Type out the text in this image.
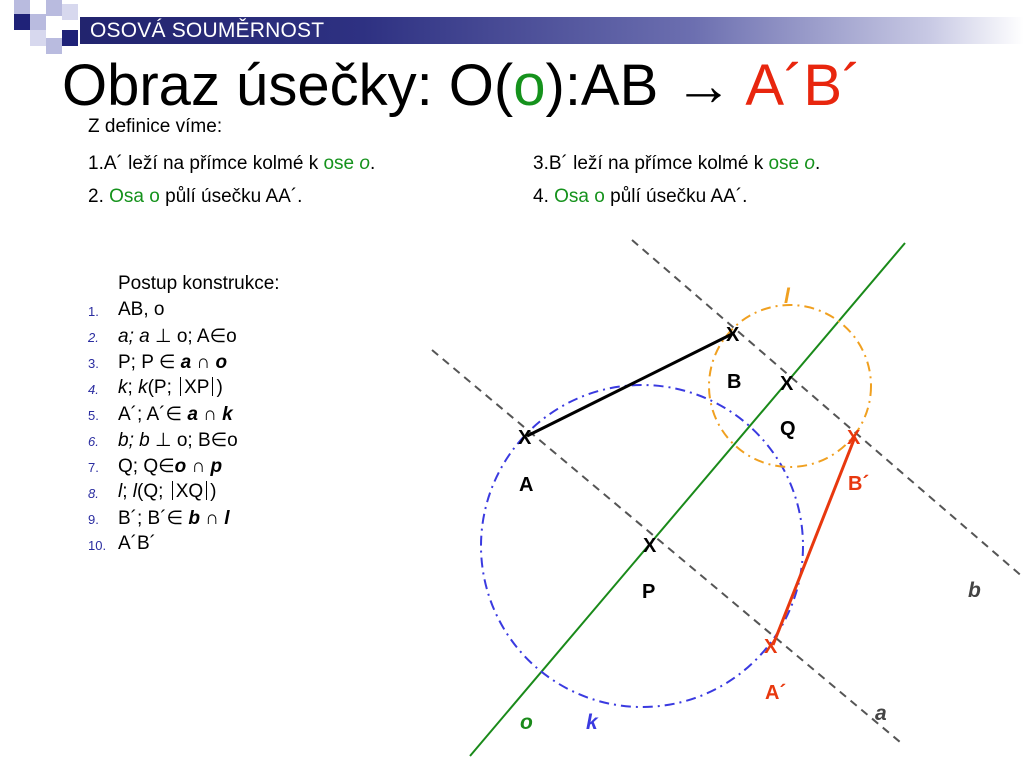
OSOVÁ SOUMĚRNOST
Obraz úsečky: O(o):AB → A´B´
Z definice víme:
1.A´ leží na přímce kolmé k ose o.
2. Osa o půlí úsečku AA´.
3.B´ leží na přímce kolmé k ose o.
4. Osa o půlí úsečku AA´.
Postup konstrukce:
1. AB, o
2. a; a ⊥ o; A∈o
3. P; P ∈ a ∩ o
4. k; k(P; XP )
5. A´; A´∈ a ∩ k
6. b; b ⊥ o; B∈o
7. Q; Q∈o ∩ p
8. l; l(Q; XQ )
9. B´; B´∈ b ∩ l
10. A´B´
X
X
X
X
X
X
B
Q
A
P
B´
A´
l
b
a
o	k
